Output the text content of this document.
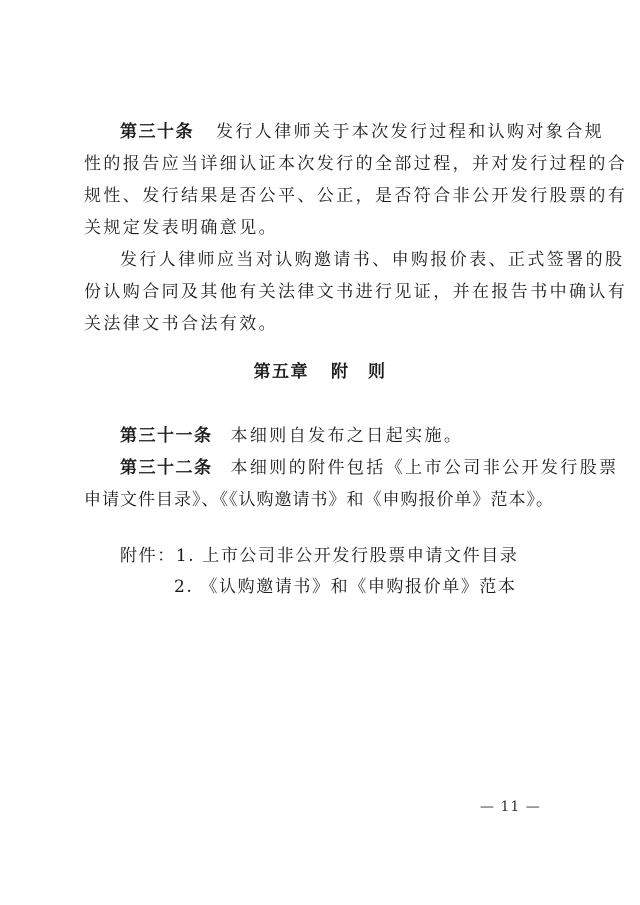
第三十条 发行人律师关于本次发行过程和认购对象合规
性的报告应当详细认证本次发行的全部过程，并对发行过程的合
规性、发行结果是否公平、公正，是否符合非公开发行股票的有
关规定发表明确意见。
发行人律师应当对认购邀请书、申购报价表、正式签署的股
份认购合同及其他有关法律文书进行见证，并在报告书中确认有
关法律文书合法有效。
第五章 附　则
第三十一条 本细则自发布之日起实施。
第三十二条 本细则的附件包括《上市公司非公开发行股票
申请文件目录》、《《认购邀请书》和《申购报价单》范本》。
附件：1. 上市公司非公开发行股票申请文件目录
2. 《认购邀请书》和《申购报价单》范本
— 11 —
